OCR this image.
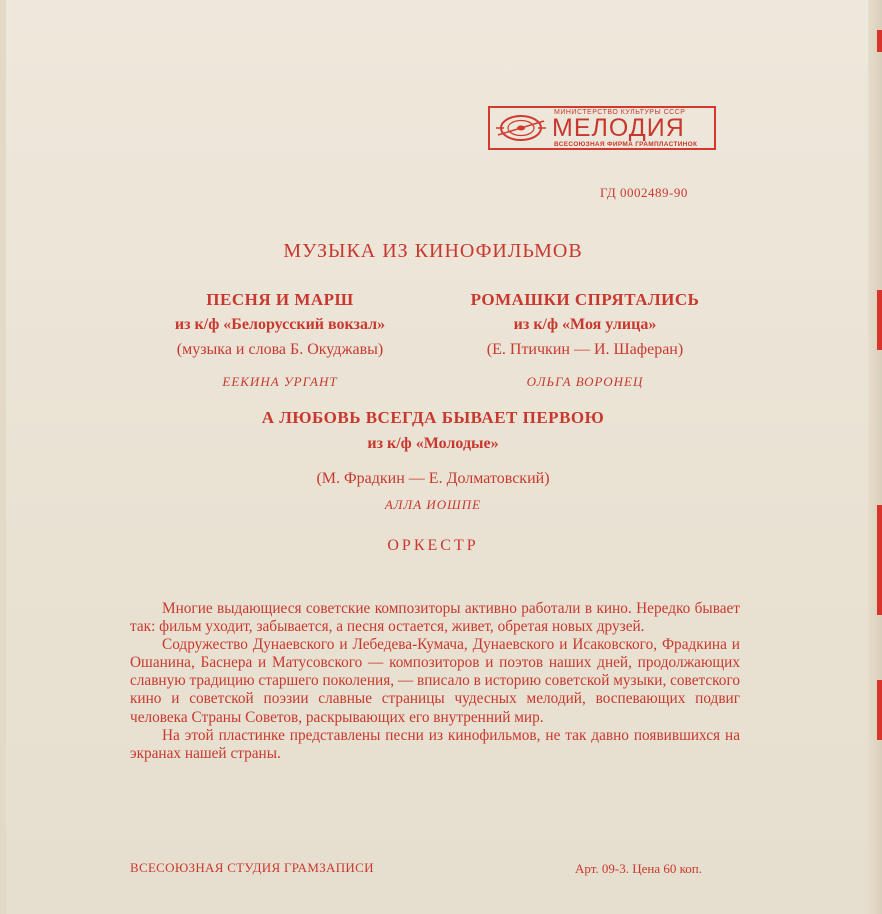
МИНИСТЕРСТВО КУЛЬТУРЫ СССР
МЕЛОДИЯ
ВСЕСОЮЗНАЯ ФИРМА ГРАМПЛАСТИНОК
ГД 0002489-90
МУЗЫКА ИЗ КИНОФИЛЬМОВ
ПЕСНЯ И МАРШ
из к/ф «Белорусский вокзал»
(музыка и слова Б. Окуджавы)
ЕЕКИНА УРГАНТ
РОМАШКИ СПРЯТАЛИСЬ
из к/ф «Моя улица»
(Е. Птичкин — И. Шаферан)
ОЛЬГА ВОРОНЕЦ
А ЛЮБОВЬ ВСЕГДА БЫВАЕТ ПЕРВОЮ
из к/ф «Молодые»
(М. Фрадкин — Е. Долматовский)
АЛЛА ИОШПЕ
ОРКЕСТР

Многие выдающиеся советские композиторы активно работали в кино. Нередко бывает так: фильм уходит, забывается, а песня остается, живет, обретая новых друзей.

Содружество Дунаевского и Лебедева-Кумача, Дунаевского и Исаковского, Фрадкина и Ошанина, Баснера и Матусовского — композиторов и поэтов наших дней, продолжающих славную традицию старшего поколения, — вписало в историю советской музыки, советского кино и советской поэзии славные страницы чудесных мелодий, воспевающих подвиг человека Страны Советов, раскрывающих его внутренний мир.

На этой пластинке представлены песни из кинофильмов, не так давно появившихся на экранах нашей страны.

ВСЕСОЮЗНАЯ СТУДИЯ ГРАМЗАПИСИ	Арт. 09-3. Цена 60 коп.
